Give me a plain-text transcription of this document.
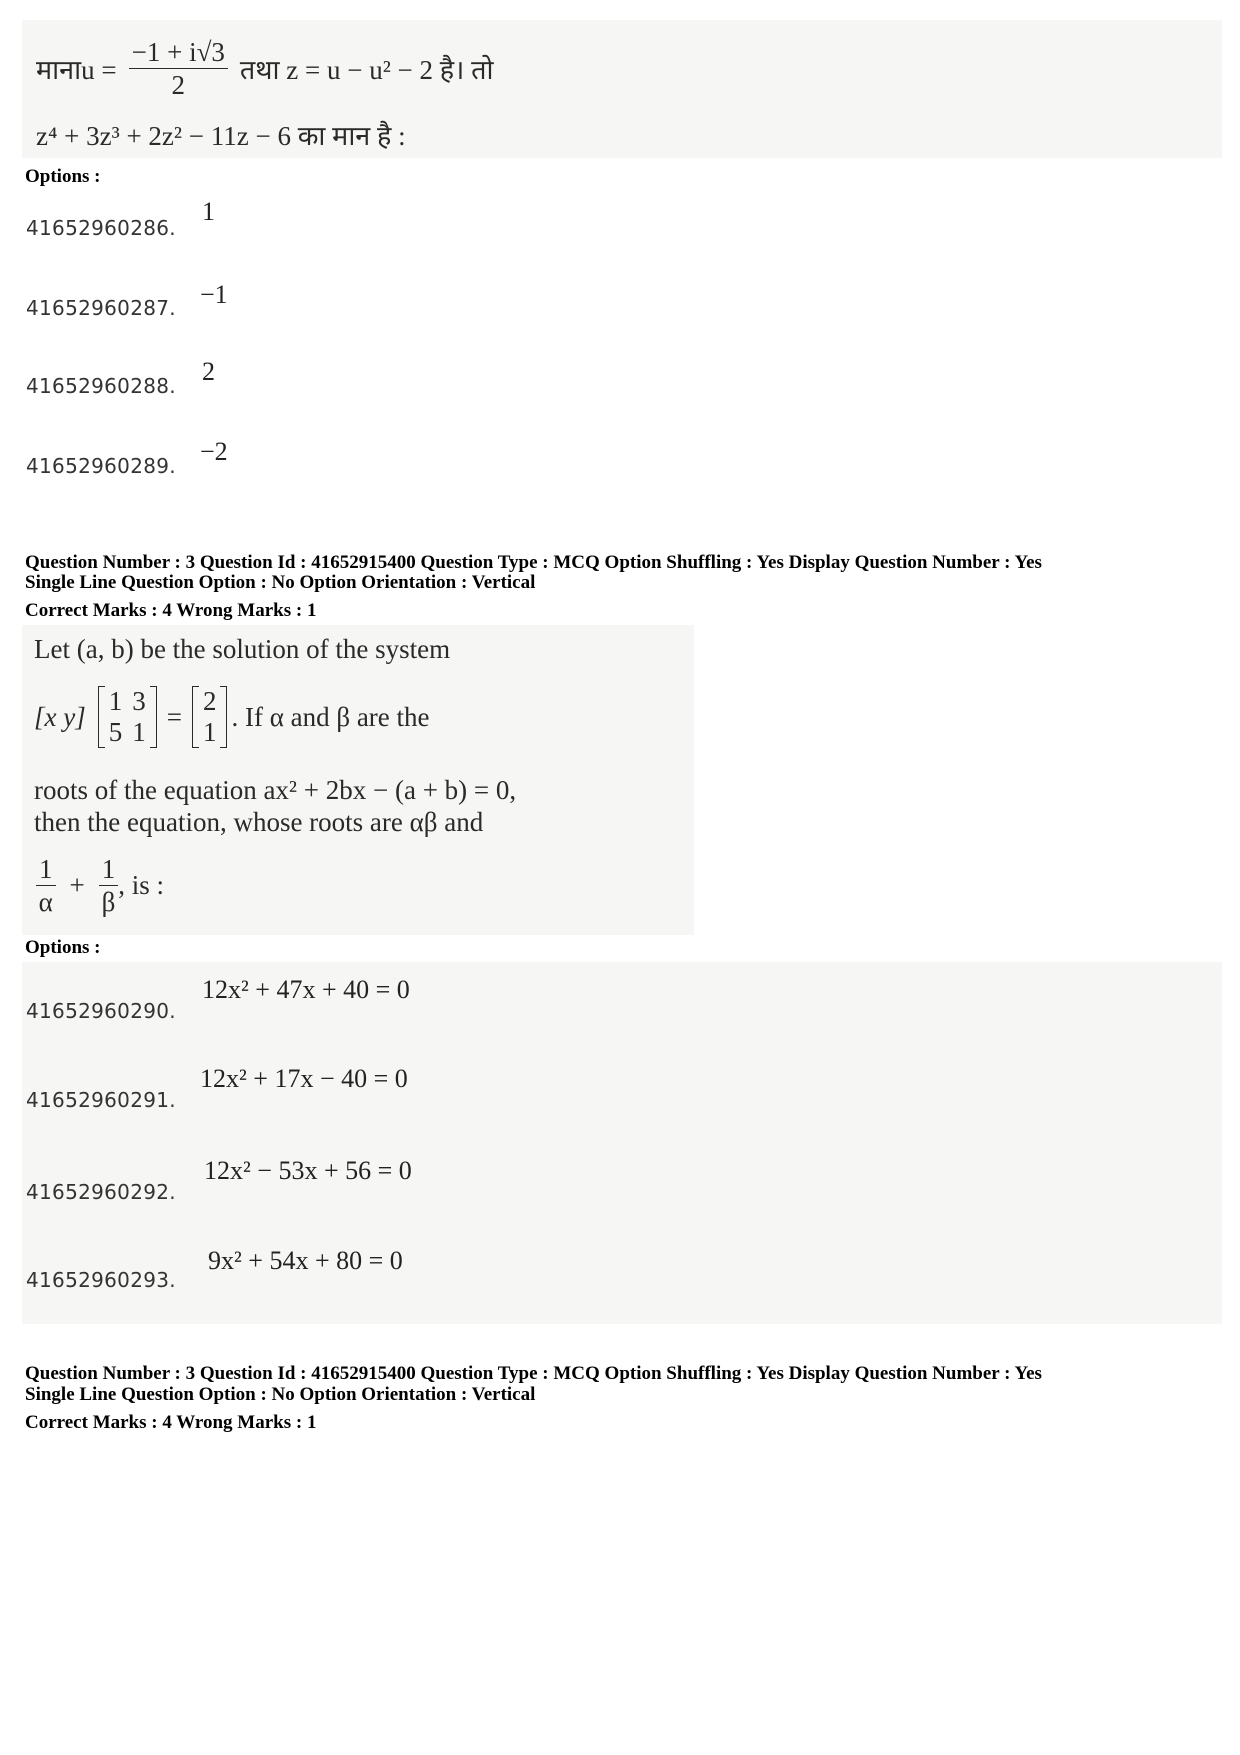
मानाu = $\frac{-1 + i√3}{2}$ तथा z = u − u² − 2 है। तो
z⁴ + 3z³ + 2z² − 11z − 6 का मान है :
Options :
41652960286.
1
41652960287. −1
41652960288. 2
41652960289. −2
Question Number : 3 Question Id : 41652915400 Question Type : MCQ Option Shuffling : Yes Display Question Number : Yes
Single Line Question Option : No Option Orientation : Vertical
Correct Marks : 4 Wrong Marks : 1
Let (a, b) be the solution of the system
[x y]
1 3
5 1
=
2
1
. If α and β are the
roots of the equation ax² + 2bx − (a + b) = 0,
then the equation, whose roots are αβ and
$\frac{1}{\alpha} + \frac{1}{\beta}$ , is :
Options :
41652960290.
12x² + 47x + 40 = 0
41652960291.
12x² + 17x − 40 = 0
41652960292.
12x² − 53x + 56 = 0
41652960293.
9x² + 54x + 80 = 0
Question Number : 3 Question Id : 41652915400 Question Type : MCQ Option Shuffling : Yes Display Question Number : Yes
Single Line Question Option : No Option Orientation : Vertical
Correct Marks : 4 Wrong Marks : 1
